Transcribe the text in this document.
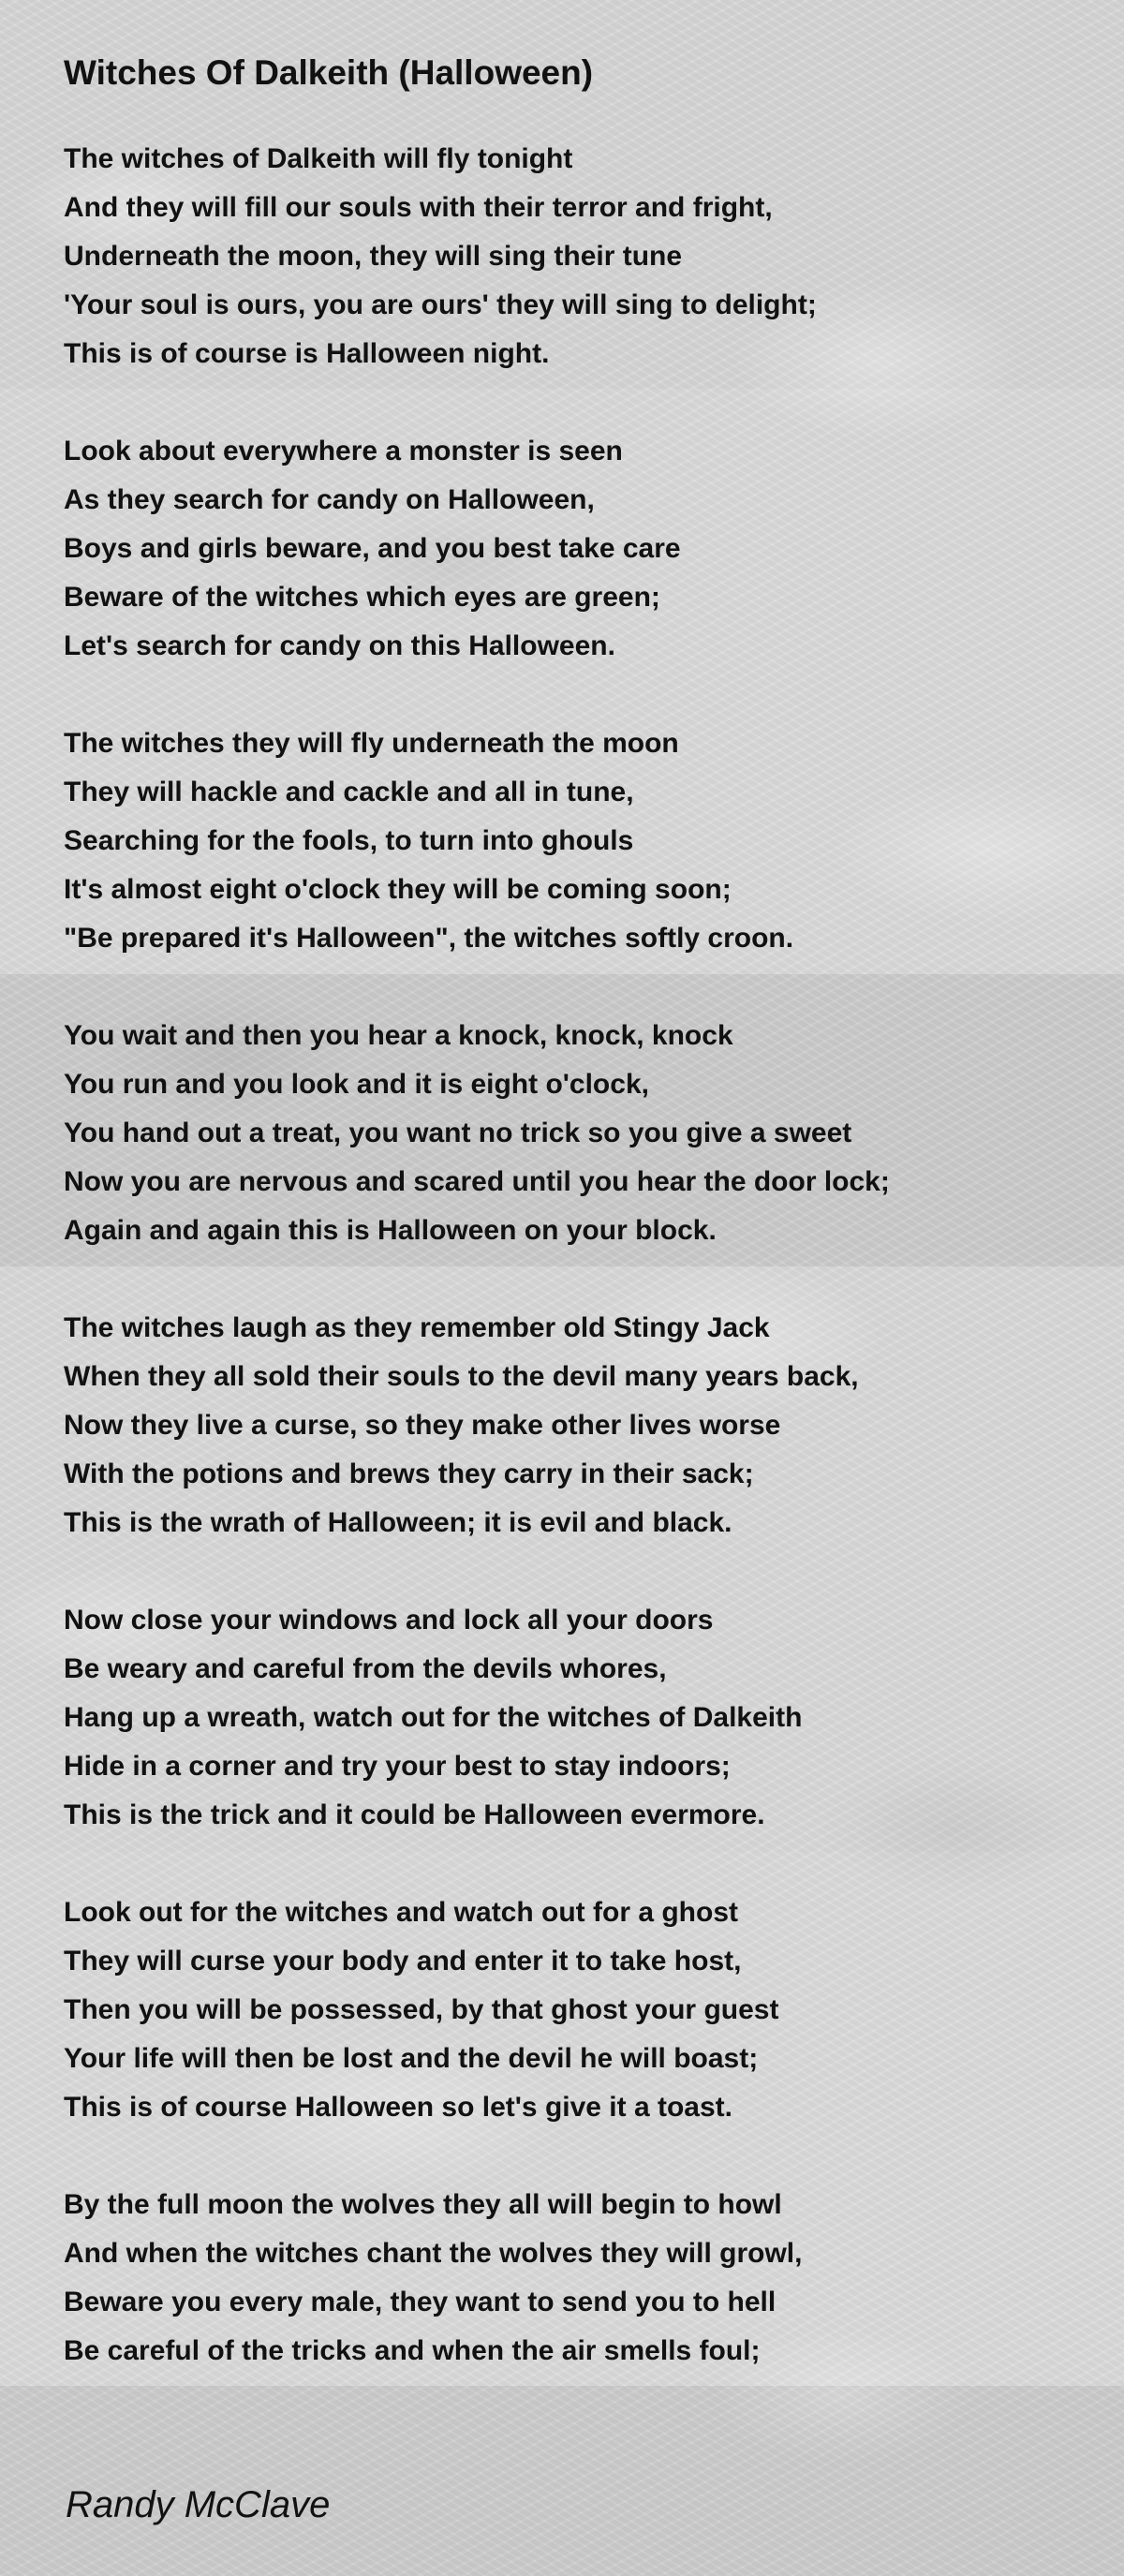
Witches Of Dalkeith (Halloween)
The witches of Dalkeith will fly tonight
And they will fill our souls with their terror and fright,
Underneath the moon, they will sing their tune
'Your soul is ours, you are ours' they will sing to delight;
This is of course is Halloween night.
Look about everywhere a monster is seen
As they search for candy on Halloween,
Boys and girls beware, and you best take care
Beware of the witches which eyes are green;
Let's search for candy on this Halloween.
The witches they will fly underneath the moon
They will hackle and cackle and all in tune,
Searching for the fools, to turn into ghouls
It's almost eight o'clock they will be coming soon;
"Be prepared it's Halloween", the witches softly croon.
You wait and then you hear a knock, knock, knock
You run and you look and it is eight o'clock,
You hand out a treat, you want no trick so you give a sweet
Now you are nervous and scared until you hear the door lock;
Again and again this is Halloween on your block.
The witches laugh as they remember old Stingy Jack
When they all sold their souls to the devil many years back,
Now they live a curse, so they make other lives worse
With the potions and brews they carry in their sack;
This is the wrath of Halloween; it is evil and black.
Now close your windows and lock all your doors
Be weary and careful from the devils whores,
Hang up a wreath, watch out for the witches of Dalkeith
Hide in a corner and try your best to stay indoors;
This is the trick and it could be Halloween evermore.
Look out for the witches and watch out for a ghost
They will curse your body and enter it to take host,
Then you will be possessed, by that ghost your guest
Your life will then be lost and the devil he will boast;
This is of course Halloween so let's give it a toast.
By the full moon the wolves they all will begin to howl
And when the witches chant the wolves they will growl,
Beware you every male, they want to send you to hell
Be careful of the tricks and when the air smells foul;
Randy McClave
